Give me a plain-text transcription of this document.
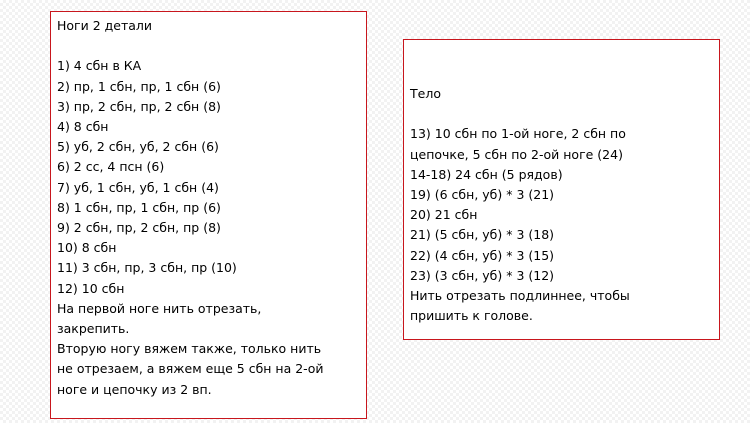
Ноги 2 детали
1) 4 сбн в КА
2) пр, 1 сбн, пр, 1 сбн (6)
3) пр, 2 сбн, пр, 2 сбн (8)
4) 8 сбн
5) уб, 2 сбн, уб, 2 сбн (6)
6) 2 сс, 4 псн (6)
7) уб, 1 сбн, уб, 1 сбн (4)
8) 1 сбн, пр, 1 сбн, пр (6)
9) 2 сбн, пр, 2 сбн, пр (8)
10) 8 сбн
11) 3 сбн, пр, 3 сбн, пр (10)
12) 10 сбн
На первой ноге нить отрезать,
закрепить.
Вторую ногу вяжем также, только нить
не отрезаем, а вяжем еще 5 сбн на 2-ой
ноге и цепочку из 2 вп.
Тело
13) 10 сбн по 1-ой ноге, 2 сбн по
цепочке, 5 сбн по 2-ой ноге (24)
14-18) 24 сбн (5 рядов)
19) (6 сбн, уб) * 3 (21)
20) 21 сбн
21) (5 сбн, уб) * 3 (18)
22) (4 сбн, уб) * 3 (15)
23) (3 сбн, уб) * 3 (12)
Нить отрезать подлиннее, чтобы
пришить к голове.
